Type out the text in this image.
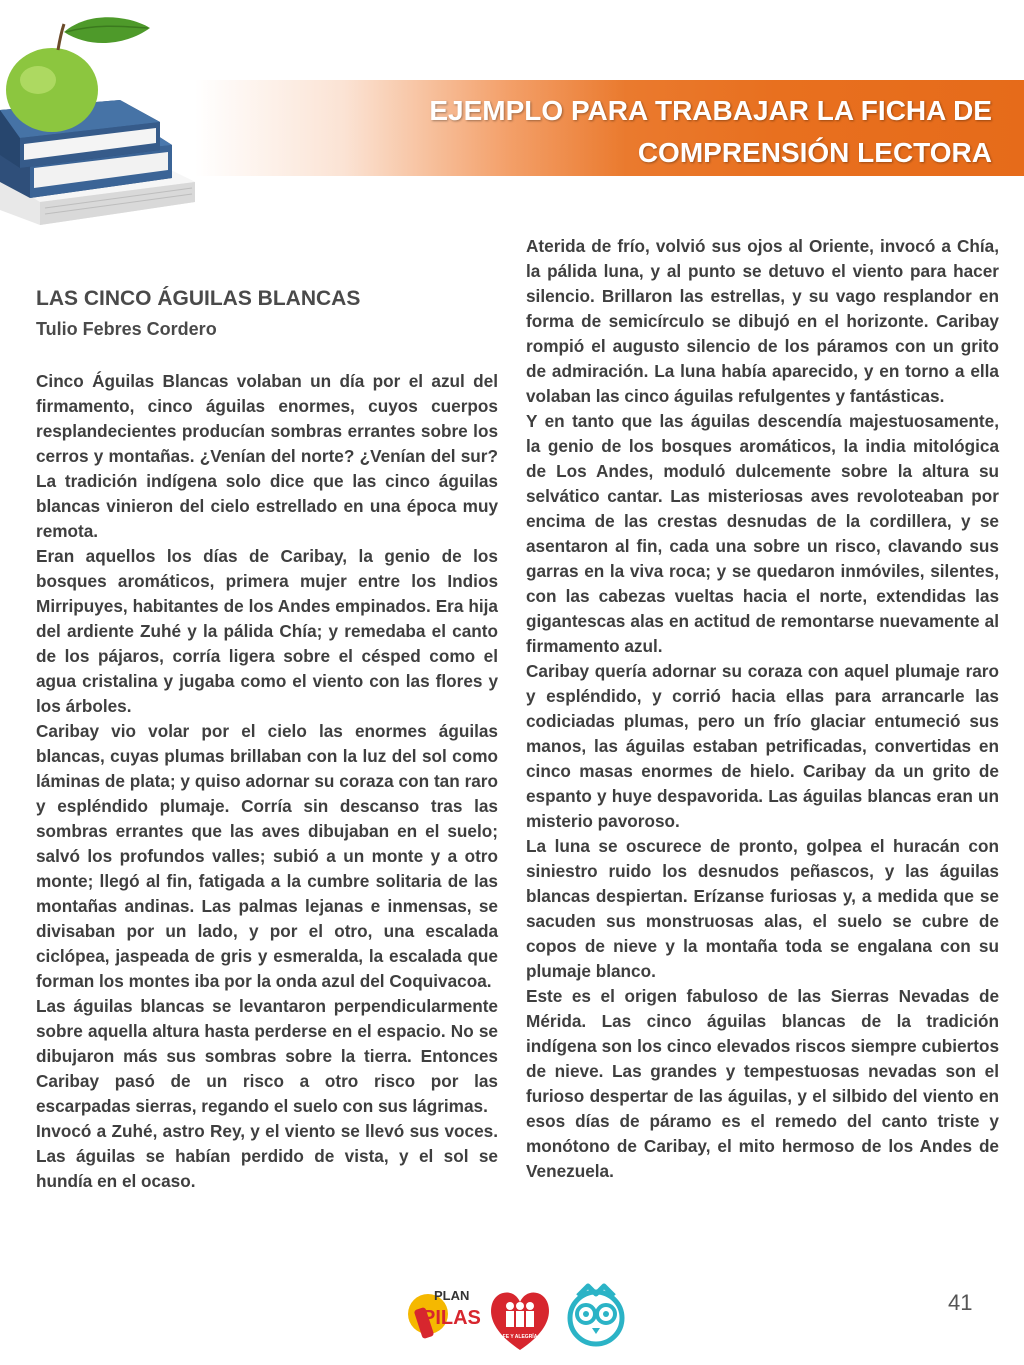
EJEMPLO PARA TRABAJAR LA FICHA DE
COMPRENSIÓN LECTORA
LAS CINCO ÁGUILAS BLANCAS
Tulio Febres Cordero

Cinco Águilas Blancas volaban un día por el azul del firmamento, cinco águilas enormes, cuyos cuerpos resplandecientes producían sombras errantes sobre los cerros y montañas. ¿Venían del norte? ¿Venían del sur? La tradición indígena solo dice que las cinco águilas blancas vinieron del cielo estrellado en una época muy remota.

Eran aquellos los días de Caribay, la genio de los bosques aromáticos, primera mujer entre los Indios Mirripuyes, habitantes de los Andes empinados. Era hija del ardiente Zuhé y la pálida Chía; y remedaba el canto de los pájaros, corría ligera sobre el césped como el agua cristalina y jugaba como el viento con las flores y los árboles.

Caribay vio volar por el cielo las enormes águilas blancas, cuyas plumas brillaban con la luz del sol como láminas de plata; y quiso adornar su coraza con tan raro y espléndido plumaje. Corría sin descanso tras las sombras errantes que las aves dibujaban en el suelo; salvó los profundos valles; subió a un monte y a otro monte; llegó al fin, fatigada a la cumbre solitaria de las montañas andinas. Las palmas lejanas e inmensas, se divisaban por un lado, y por el otro, una escalada ciclópea, jaspeada de gris y esmeralda, la escalada que forman los montes iba por la onda azul del Coquivacoa.

Las águilas blancas se levantaron perpendicularmente sobre aquella altura hasta perderse en el espacio. No se dibujaron más sus sombras sobre la tierra. Entonces Caribay pasó de un risco a otro risco por las escarpadas sierras, regando el suelo con sus lágrimas.

Invocó a Zuhé, astro Rey, y el viento se llevó sus voces. Las águilas se habían perdido de vista, y el sol se hundía en el ocaso.

Aterida de frío, volvió sus ojos al Oriente, invocó a Chía, la pálida luna, y al punto se detuvo el viento para hacer silencio. Brillaron las estrellas, y su vago resplandor en forma de semicírculo se dibujó en el horizonte. Caribay rompió el augusto silencio de los páramos con un grito de admiración. La luna había aparecido, y en torno a ella volaban las cinco águilas refulgentes y fantásticas.

Y en tanto que las águilas descendía majestuosamente, la genio de los bosques aromáticos, la india mitológica de Los Andes, moduló dulcemente sobre la altura su selvático cantar. Las misteriosas aves revoloteaban por encima de las crestas desnudas de la cordillera, y se asentaron al fin, cada una sobre un risco, clavando sus garras en la viva roca; y se quedaron inmóviles, silentes, con las cabezas vueltas hacia el norte, extendidas las gigantescas alas en actitud de remontarse nuevamente al firmamento azul.

Caribay quería adornar su coraza con aquel plumaje raro y espléndido, y corrió hacia ellas para arrancarle las codiciadas plumas, pero un frío glaciar entumeció sus manos, las águilas estaban petrificadas, convertidas en cinco masas enormes de hielo. Caribay da un grito de espanto y huye despavorida. Las águilas blancas eran un misterio pavoroso.

La luna se oscurece de pronto, golpea el huracán con siniestro ruido los desnudos peñascos, y las águilas blancas despiertan. Erízanse furiosas y, a medida que se sacuden sus monstruosas alas, el suelo se cubre de copos de nieve y la montaña toda se engalana con su plumaje blanco.

Este es el origen fabuloso de las Sierras Nevadas de Mérida. Las cinco águilas blancas de la tradición indígena son los cinco elevados riscos siempre cubiertos de nieve. Las grandes y tempestuosas nevadas son el furioso despertar de las águilas, y el silbido del viento en esos días de páramo es el remedo del canto triste y monótono de Caribay, el mito hermoso de los Andes de Venezuela.

PLAN
PILAS
FE Y ALEGRÍA
41
